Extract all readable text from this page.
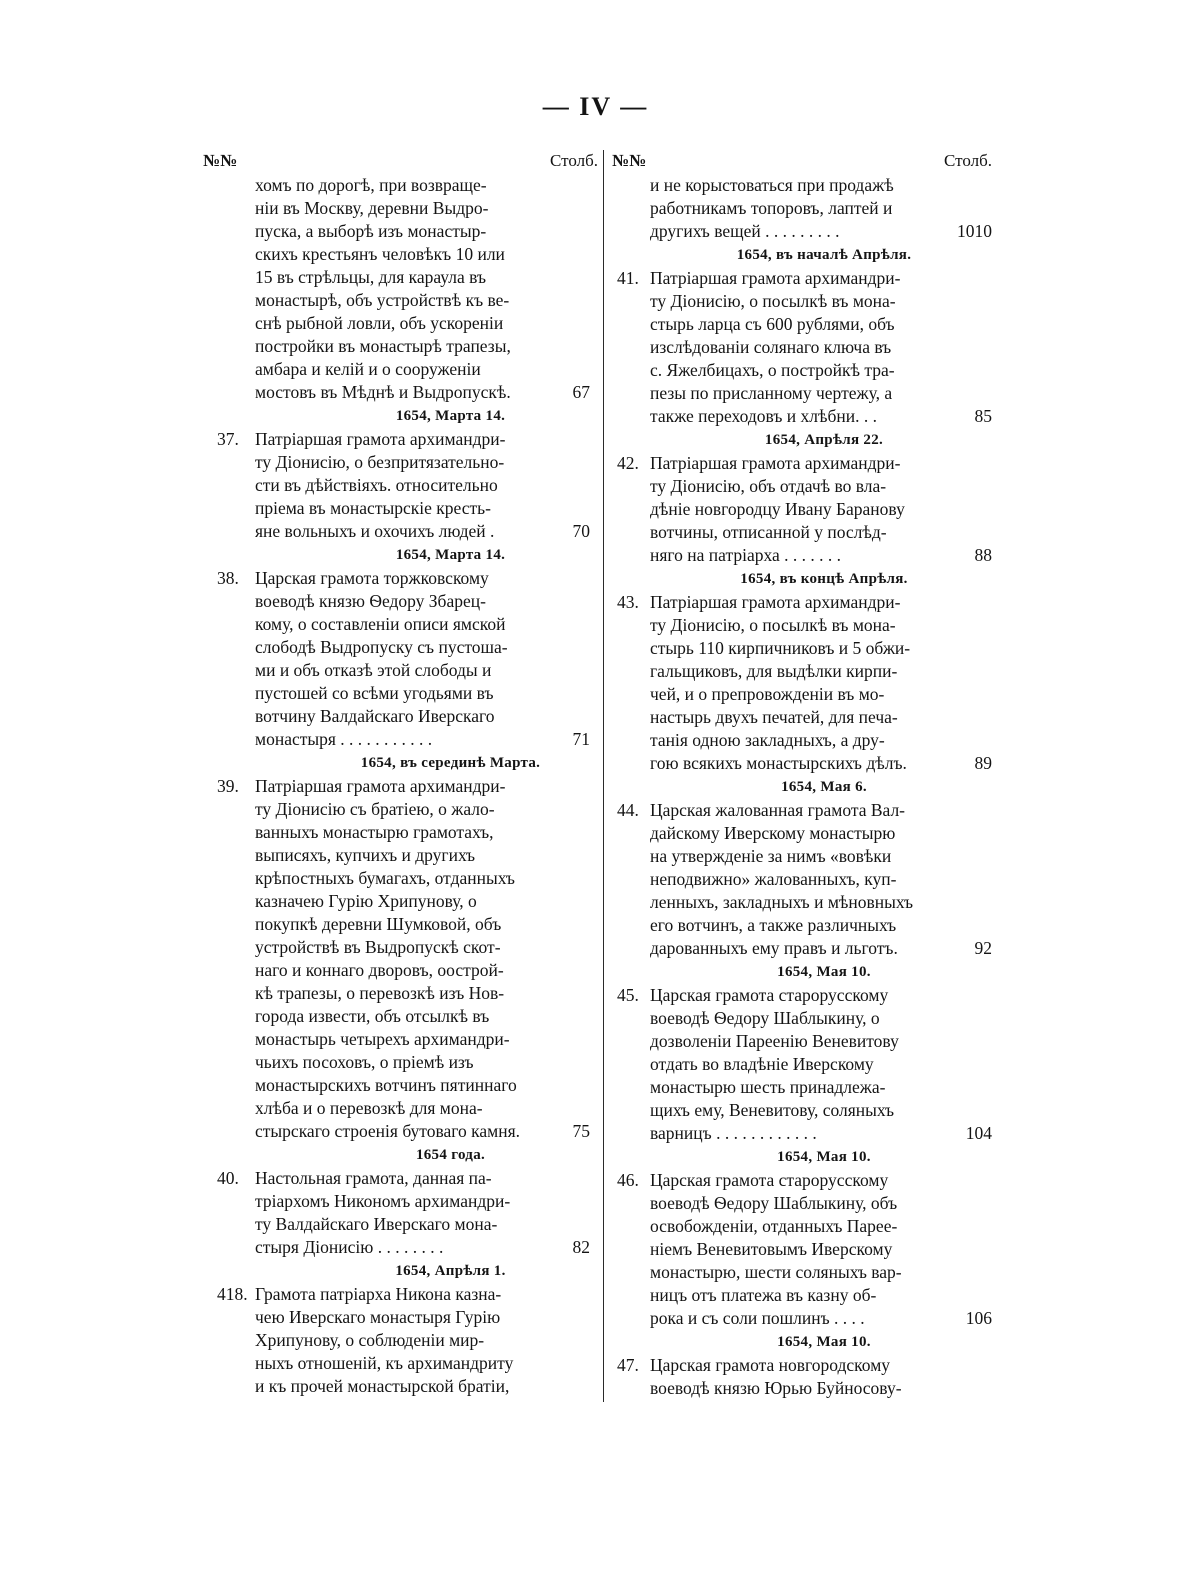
— IV —
№№	Столб.
хомъ по дорогѣ, при возвраще-
ніи въ Москву, деревни Выдро-
пуска, а выборѣ изъ монастыр-
скихъ крестьянъ человѣкъ 10 или
15 въ стрѣльцы, для караула въ
монастырѣ, объ устройствѣ къ ве-
снѣ рыбной ловли, объ ускореніи
постройки въ монастырѣ трапезы,
амбара и келій и о сооруженіи
мостовъ въ Мѣднѣ и Выдропускѣ.	67
1654, Марта 14.
37. Патріаршая грамота архимандри-
ту Діонисію, о безпритязательно-
сти въ дѣйствіяхъ. относительно
пріема въ монастырскіе кресть-
яне вольныхъ и охочихъ людей .	70
1654, Марта 14.
38. Царская грамота торжковскому
воеводѣ князю Ѳедору Збарец-
кому, о составленіи описи ямской
слободѣ Выдропуску съ пустоша-
ми и объ отказѣ этой слободы и
пустошей со всѣми угодьями въ
вотчину Валдайскаго Иверскаго
монастыря . . . . . . . . . . .	71
1654, въ серединѣ Марта.
39. Патріаршая грамота архимандри-
ту Діонисію съ братіею, о жало-
ванныхъ монастырю грамотахъ,
выписяхъ, купчихъ и другихъ
крѣпостныхъ бумагахъ, отданныхъ
казначею Гурію Хрипунову, о
покупкѣ деревни Шумковой, объ
устройствѣ въ Выдропускѣ скот-
наго и коннаго дворовъ, оострой-
кѣ трапезы, о перевозкѣ изъ Нов-
города извести, объ отсылкѣ въ
монастырь четырехъ архимандри-
чьихъ посоховъ, о пріемѣ изъ
монастырскихъ вотчинъ пятиннаго
хлѣба и о перевозкѣ для мона-
стырскаго строенія бутоваго камня.	75
1654 года.
40. Настольная грамота, данная па-
тріархомъ Никономъ архимандри-
ту Валдайскаго Иверскаго мона-
стыря Діонисію . . . . . . . .	82
1654, Апрѣля 1.
418. Грамота патріарха Никона казна-
чею Иверскаго монастыря Гурію
Хрипунову, о соблюденіи мир-
ныхъ отношеній, къ архимандриту
и къ прочей монастырской братіи,
№№	Столб.
и не корыстоваться при продажѣ
работникамъ топоровъ, лаптей и
другихъ вещей . . . . . . . . .	1010
1654, въ началѣ Апрѣля.
41. Патріаршая грамота архимандри-
ту Діонисію, о посылкѣ въ мона-
стырь ларца съ 600 рублями, объ
изслѣдованіи солянаго ключа въ
с. Яжелбицахъ, о постройкѣ тра-
пезы по присланному чертежу, а
также переходовъ и хлѣбни. . .	85
1654, Апрѣля 22.
42. Патріаршая грамота архимандри-
ту Діонисію, объ отдачѣ во вла-
дѣніе новгородцу Ивану Баранову
вотчины, отписанной у послѣд-
няго на патріарха . . . . . . .	88
1654, въ концѣ Апрѣля.
43. Патріаршая грамота архимандри-
ту Діонисію, о посылкѣ въ мона-
стырь 110 кирпичниковъ и 5 обжи-
гальщиковъ, для выдѣлки кирпи-
чей, и о препровожденіи въ мо-
настырь двухъ печатей, для печа-
танія одною закладныхъ, а дру-
гою всякихъ монастырскихъ дѣлъ.	89
1654, Мая 6.
44. Царская жалованная грамота Вал-
дайскому Иверскому монастырю
на утвержденіе за нимъ «вовѣки
неподвижно» жалованныхъ, куп-
ленныхъ, закладныхъ и мѣновныхъ
его вотчинъ, а также различныхъ
дарованныхъ ему правъ и льготъ.	92
1654, Мая 10.
45. Царская грамота старорусскому
воеводѣ Ѳедору Шаблыкину, о
дозволеніи Пареенію Веневитову
отдать во владѣніе Иверскому
монастырю шесть принадлежа-
щихъ ему, Веневитову, соляныхъ
варницъ . . . . . . . . . . . .	104
1654, Мая 10.
46. Царская грамота старорусскому
воеводѣ Ѳедору Шаблыкину, объ
освобожденіи, отданныхъ Парее-
ніемъ Веневитовымъ Иверскому
монастырю, шести соляныхъ вар-
ницъ отъ платежа въ казну об-
рока и съ соли пошлинъ . . . .	106
1654, Мая 10.
47. Царская грамота новгородскому
воеводѣ князю Юрью Буйносову-
